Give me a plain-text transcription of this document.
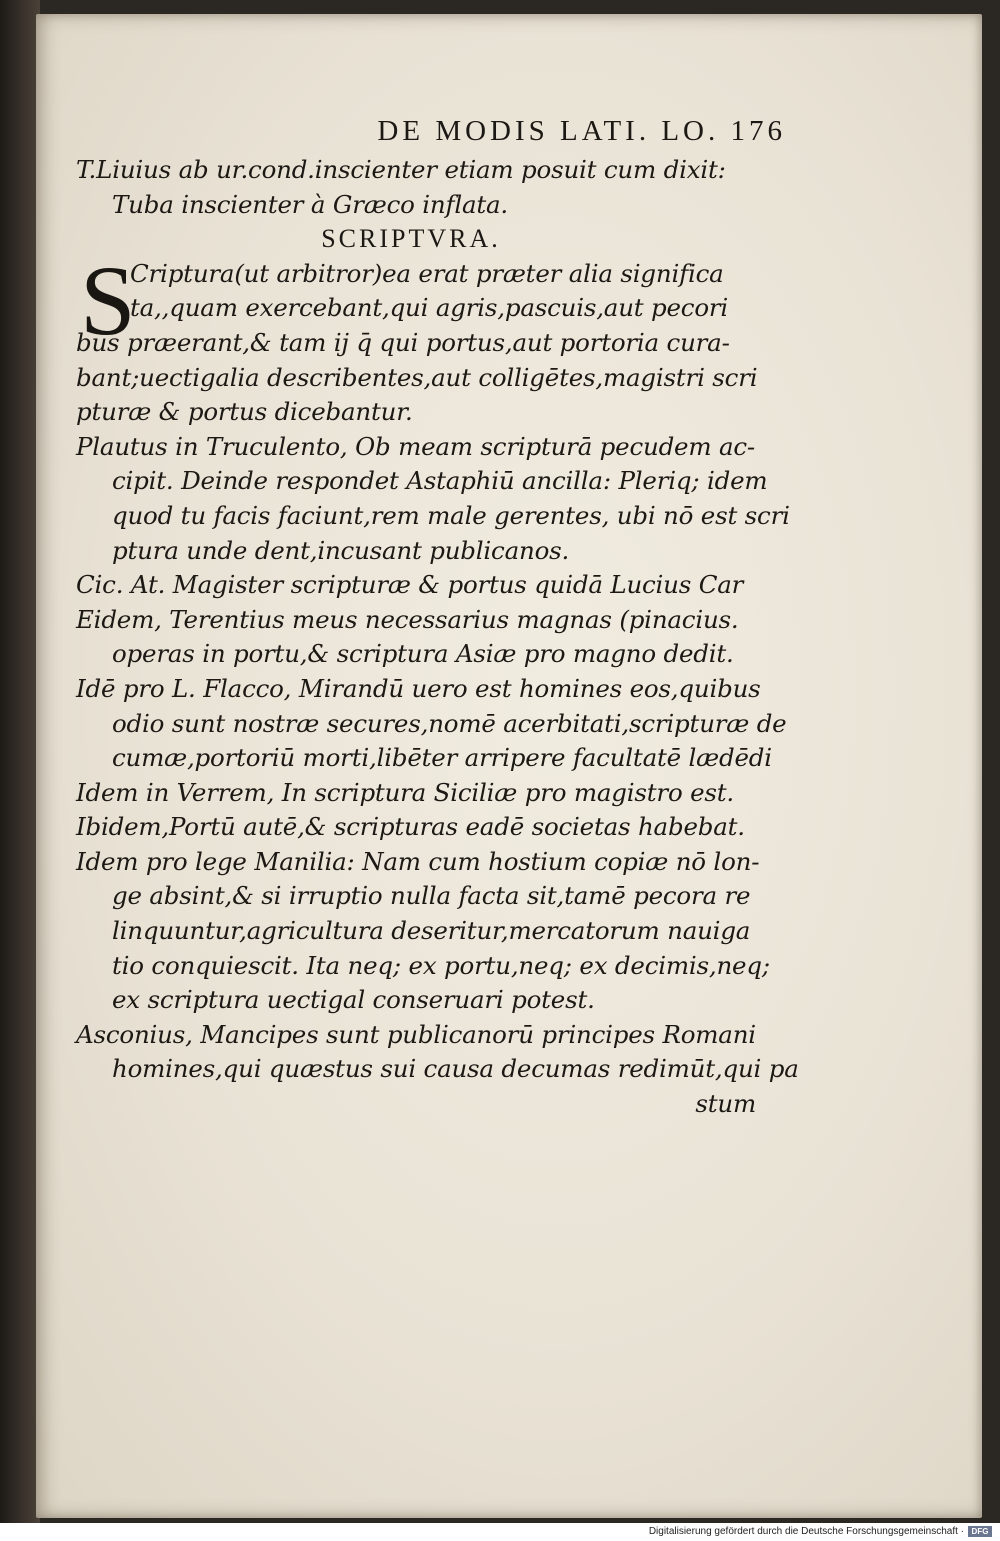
DE MODIS LATI. LO. 176
T.Liuius ab ur.cond.inscienter etiam posuit cum dixit:
Tuba inscienter à Græco inflata.
SCRIPTVRA.
S
Criptura(ut arbitror)ea erat præter alia significa
ta,,quam exercebant,qui agris,pascuis,aut pecori
bus præerant,& tam ij q̄ qui portus,aut portoria cura-
bant;uectigalia describentes,aut colligētes,magistri scri
pturæ & portus dicebantur.
Plautus in Truculento, Ob meam scripturā pecudem ac-
cipit. Deinde respondet Astaphiū ancilla: Pleriq; idem
quod tu facis faciunt,rem male gerentes, ubi nō est scri
ptura unde dent,incusant publicanos.
Cic. At. Magister scripturæ & portus quidā Lucius Car
Eidem, Terentius meus necessarius magnas (pinacius.
operas in portu,& scriptura Asiæ pro magno dedit.
Idē pro L. Flacco, Mirandū uero est homines eos,quibus
odio sunt nostræ secures,nomē acerbitati,scripturæ de
cumæ,portoriū morti,libēter arripere facultatē lædēdi
Idem in Verrem, In scriptura Siciliæ pro magistro est.
Ibidem,Portū autē,& scripturas eadē societas habebat.
Idem pro lege Manilia: Nam cum hostium copiæ nō lon-
ge absint,& si irruptio nulla facta sit,tamē pecora re
linquuntur,agricultura deseritur,mercatorum nauiga
tio conquiescit. Ita neq; ex portu,neq; ex decimis,neq;
ex scriptura uectigal conseruari potest.
Asconius, Mancipes sunt publicanorū principes Romani
homines,qui quæstus sui causa decumas redimūt,qui pa
stum
Digitalisierung gefördert durch die Deutsche Forschungsgemeinschaft · DFG
